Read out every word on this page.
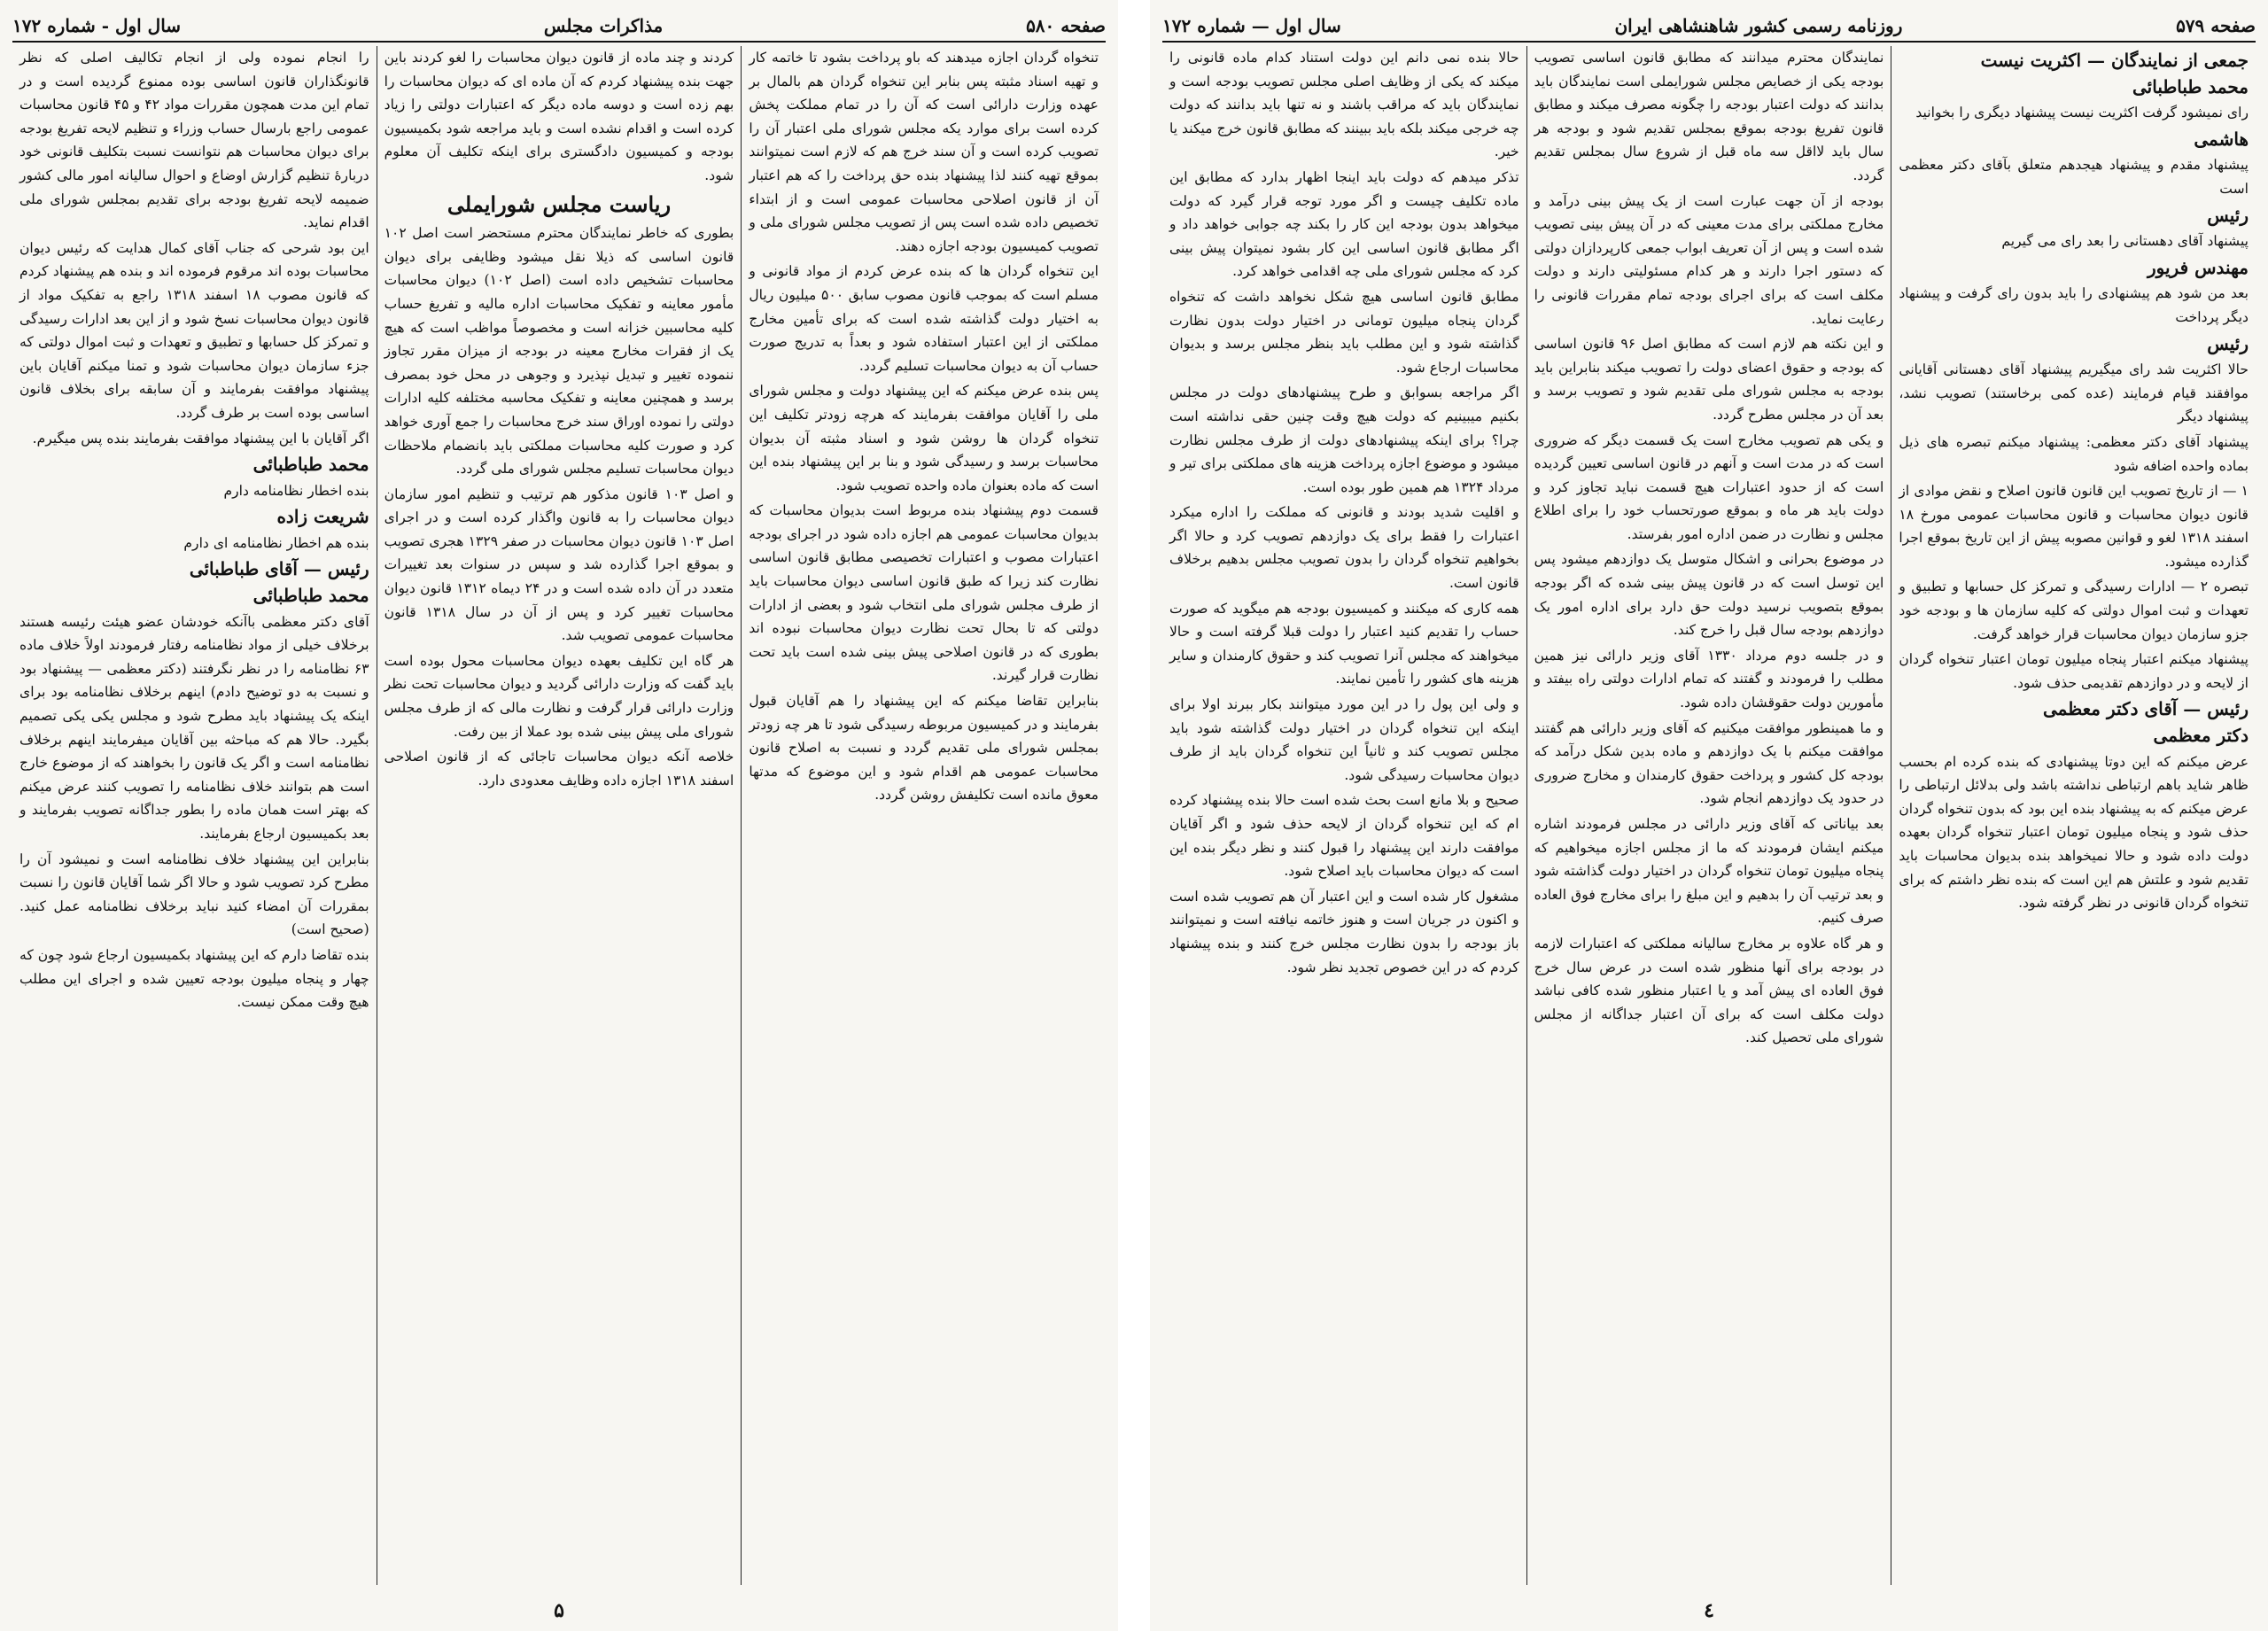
صفحه ۵۸۰
مذاکرات مجلس
سال اول - شماره ۱۷۲

تنخواه گردان اجازه میدهند که باو پرداخت بشود تا خاتمه کار و تهیه اسناد مثبته پس بنابر این تنخواه گردان هم بالمال بر عهده وزارت دارائی است که آن را در تمام مملکت پخش کرده است برای موارد یکه مجلس شورای ملی اعتبار آن را تصویب کرده است و آن سند خرج هم که لازم است نمیتوانند بموقع تهیه کنند لذا پیشنهاد بنده حق پرداخت را که هم اعتبار آن از قانون اصلاحی محاسبات عمومی است و از ابتداء تخصیص داده شده است پس از تصویب مجلس شورای ملی و تصویب کمیسیون بودجه اجازه دهند.

این تنخواه گردان ها که بنده عرض کردم از مواد قانونی و مسلم است که بموجب قانون مصوب سابق ۵۰۰ میلیون ریال به اختیار دولت گذاشته شده است که برای تأمین مخارج مملکتی از این اعتبار استفاده شود و بعداً به تدریج صورت حساب آن به دیوان محاسبات تسلیم گردد.

پس بنده عرض میکنم که این پیشنهاد دولت و مجلس شورای ملی را آقایان موافقت بفرمایند که هرچه زودتر تکلیف این تنخواه گردان ها روشن شود و اسناد مثبته آن بدیوان محاسبات برسد و رسیدگی شود و بنا بر این پیشنهاد بنده این است که ماده بعنوان ماده واحده تصویب شود.

قسمت دوم پیشنهاد بنده مربوط است بدیوان محاسبات که بدیوان محاسبات عمومی هم اجازه داده شود در اجرای بودجه اعتبارات مصوب و اعتبارات تخصیصی مطابق قانون اساسی نظارت کند زیرا که طبق قانون اساسی دیوان محاسبات باید از طرف مجلس شورای ملی انتخاب شود و بعضی از ادارات دولتی که تا بحال تحت نظارت دیوان محاسبات نبوده اند بطوری که در قانون اصلاحی پیش بینی شده است باید تحت نظارت قرار گیرند.

بنابراین تقاضا میکنم که این پیشنهاد را هم آقایان قبول بفرمایند و در کمیسیون مربوطه رسیدگی شود تا هر چه زودتر بمجلس شورای ملی تقدیم گردد و نسبت به اصلاح قانون محاسبات عمومی هم اقدام شود و این موضوع که مدتها معوق مانده است تکلیفش روشن گردد.

کردند و چند ماده از قانون دیوان محاسبات را لغو کردند باین جهت بنده پیشنهاد کردم که آن ماده ای که دیوان محاسبات را بهم زده است و دوسه ماده دیگر که اعتبارات دولتی را زیاد کرده است و اقدام نشده است و باید مراجعه شود بکمیسیون بودجه و کمیسیون دادگستری برای اینکه تکلیف آن معلوم شود.

ریاست مجلس شورایملی

بطوری که خاطر نمایندگان محترم مستحضر است اصل ۱۰۲ قانون اساسی که ذیلا نقل میشود وظایفی برای دیوان محاسبات تشخیص داده است (اصل ۱۰۲) دیوان محاسبات مأمور معاینه و تفکیک محاسبات اداره مالیه و تفریغ حساب کلیه محاسبین خزانه است و مخصوصاً مواظب است که هیچ یک از فقرات مخارج معینه در بودجه از میزان مقرر تجاوز ننموده تغییر و تبدیل نپذیرد و وجوهی در محل خود بمصرف برسد و همچنین معاینه و تفکیک محاسبه مختلفه کلیه ادارات دولتی را نموده اوراق سند خرج محاسبات را جمع آوری خواهد کرد و صورت کلیه محاسبات مملکتی باید بانضمام ملاحظات دیوان محاسبات تسلیم مجلس شورای ملی گردد.

و اصل ۱۰۳ قانون مذکور هم ترتیب و تنظیم امور سازمان دیوان محاسبات را به قانون واگذار کرده است و در اجرای اصل ۱۰۳ قانون دیوان محاسبات در صفر ۱۳۲۹ هجری تصویب و بموقع اجرا گذارده شد و سپس در سنوات بعد تغییرات متعدد در آن داده شده است و در ۲۴ دیماه ۱۳۱۲ قانون دیوان محاسبات تغییر کرد و پس از آن در سال ۱۳۱۸ قانون محاسبات عمومی تصویب شد.

هر گاه این تکلیف بعهده دیوان محاسبات محول بوده است باید گفت که وزارت دارائی گردید و دیوان محاسبات تحت نظر وزارت دارائی قرار گرفت و نظارت مالی که از طرف مجلس شورای ملی پیش بینی شده بود عملا از بین رفت.

خلاصه آنکه دیوان محاسبات تاجائی که از قانون اصلاحی اسفند ۱۳۱۸ اجازه داده وظایف معدودی دارد.

را انجام نموده ولی از انجام تکالیف اصلی که نظر قانونگذاران قانون اساسی بوده ممنوع گردیده است و در تمام این مدت همچون مقررات مواد ۴۲ و ۴۵ قانون محاسبات عمومی راجع بارسال حساب وزراء و تنظیم لایحه تفریغ بودجه برای دیوان محاسبات هم نتوانست نسبت بتکلیف قانونی خود دربارهٔ تنظیم گزارش اوضاع و احوال سالیانه امور مالی کشور ضمیمه لایحه تفریغ بودجه برای تقدیم بمجلس شورای ملی اقدام نماید.

این بود شرحی که جناب آقای کمال هدایت که رئیس دیوان محاسبات بوده اند مرقوم فرموده اند و بنده هم پیشنهاد کردم که قانون مصوب ۱۸ اسفند ۱۳۱۸ راجع به تفکیک مواد از قانون دیوان محاسبات نسخ شود و از این بعد ادارات رسیدگی و تمرکز کل حسابها و تطبیق و تعهدات و ثبت اموال دولتی که جزء سازمان دیوان محاسبات شود و تمنا میکنم آقایان باین پیشنهاد موافقت بفرمایند و آن سابقه برای بخلاف قانون اساسی بوده است بر طرف گردد.

اگر آقایان با این پیشنهاد موافقت بفرمایند بنده پس میگیرم.

محمد طباطبائی

بنده اخطار نظامنامه دارم

شریعت زاده

بنده هم اخطار نظامنامه ای دارم

رئیس — آقای طباطبائی
محمد طباطبائی

آقای دکتر معظمی باآنکه خودشان عضو هیئت رئیسه هستند برخلاف خیلی از مواد نظامنامه رفتار فرمودند اولاً خلاف ماده ۶۳ نظامنامه را در نظر نگرفتند (دکتر معظمی — پیشنهاد بود و نسبت به دو توضیح دادم) اینهم برخلاف نظامنامه بود برای اینکه یک پیشنهاد باید مطرح شود و مجلس یکی یکی تصمیم بگیرد. حالا هم که مباحثه بین آقایان میفرمایند اینهم برخلاف نظامنامه است و اگر یک قانون را بخواهند که از موضوع خارج است هم بتوانند خلاف نظامنامه را تصویب کنند عرض میکنم که بهتر است همان ماده را بطور جداگانه تصویب بفرمایند و بعد بکمیسیون ارجاع بفرمایند.

بنابراین این پیشنهاد خلاف نظامنامه است و نمیشود آن را مطرح کرد تصویب شود و حالا اگر شما آقایان قانون را نسبت بمقررات آن امضاء کنید نباید برخلاف نظامنامه عمل کنید. (صحیح است)

بنده تقاضا دارم که این پیشنهاد بکمیسیون ارجاع شود چون که چهار و پنجاه میلیون بودجه تعیین شده و اجرای این مطلب هیچ وقت ممکن نیست.

۵
صفحه ۵۷۹
روزنامه رسمی کشور شاهنشاهی ایران
سال اول — شماره ۱۷۲
جمعی از نمایندگان — اکثریت نیست
محمد طباطبائی

رای نمیشود گرفت اکثریت نیست پیشنهاد دیگری را بخوانید

هاشمی

پیشنهاد مقدم و پیشنهاد هیجدهم متعلق بآقای دکتر معظمی است

رئیس

پیشنهاد آقای دهستانی را بعد رای می گیریم

مهندس فریور

بعد من شود هم پیشنهادی را باید بدون رای گرفت و پیشنهاد دیگر پرداخت

رئیس

حالا اکثریت شد رای میگیریم پیشنهاد آقای دهستانی آقایانی موافقند قیام فرمایند (عده کمی برخاستند) تصویب نشد، پیشنهاد دیگر

پیشنهاد آقای دکتر معظمی: پیشنهاد میکنم تبصره های ذیل بماده واحده اضافه شود

۱ — از تاریخ تصویب این قانون قانون اصلاح و نقض موادی از قانون دیوان محاسبات و قانون محاسبات عمومی مورخ ۱۸ اسفند ۱۳۱۸ لغو و قوانین مصوبه پیش از این تاریخ بموقع اجرا گذارده میشود.

تبصره ۲ — ادارات رسیدگی و تمرکز کل حسابها و تطبیق و تعهدات و ثبت اموال دولتی که کلیه سازمان ها و بودجه خود جزو سازمان دیوان محاسبات قرار خواهد گرفت.

پیشنهاد میکنم اعتبار پنجاه میلیون تومان اعتبار تنخواه گردان از لایحه و در دوازدهم تقدیمی حذف شود.

رئیس — آقای دکتر معظمی
دکتر معظمی

عرض میکنم که این دوتا پیشنهادی که بنده کرده ام بحسب ظاهر شاید باهم ارتباطی نداشته باشد ولی بدلائل ارتباطی را عرض میکنم که به پیشنهاد بنده این بود که بدون تنخواه گردان حذف شود و پنجاه میلیون تومان اعتبار تنخواه گردان بعهده دولت داده شود و حالا نمیخواهد بنده بدیوان محاسبات باید تقدیم شود و علتش هم این است که بنده نظر داشتم که برای تنخواه گردان قانونی در نظر گرفته شود.

نمایندگان محترم میدانند که مطابق قانون اساسی تصویب بودجه یکی از خصایص مجلس شورایملی است نمایندگان باید بدانند که دولت اعتبار بودجه را چگونه مصرف میکند و مطابق قانون تفریغ بودجه بموقع بمجلس تقدیم شود و بودجه هر سال باید لااقل سه ماه قبل از شروع سال بمجلس تقدیم گردد.

بودجه از آن جهت عبارت است از یک پیش بینی درآمد و مخارج مملکتی برای مدت معینی که در آن پیش بینی تصویب شده است و پس از آن تعریف ابواب جمعی کارپردازان دولتی که دستور اجرا دارند و هر کدام مسئولیتی دارند و دولت مکلف است که برای اجرای بودجه تمام مقررات قانونی را رعایت نماید.

و این نکته هم لازم است که مطابق اصل ۹۶ قانون اساسی که بودجه و حقوق اعضای دولت را تصویب میکند بنابراین باید بودجه به مجلس شورای ملی تقدیم شود و تصویب برسد و بعد آن در مجلس مطرح گردد.

و یکی هم تصویب مخارج است یک قسمت دیگر که ضروری است که در مدت است و آنهم در قانون اساسی تعیین گردیده است که از حدود اعتبارات هیچ قسمت نباید تجاوز کرد و دولت باید هر ماه و بموقع صورتحساب خود را برای اطلاع مجلس و نظارت در ضمن اداره امور بفرستد.

در موضوع بحرانی و اشکال متوسل یک دوازدهم میشود پس این توسل است که در قانون پیش بینی شده که اگر بودجه بموقع بتصویب نرسید دولت حق دارد برای اداره امور یک دوازدهم بودجه سال قبل را خرج کند.

و در جلسه دوم مرداد ۱۳۳۰ آقای وزیر دارائی نیز همین مطلب را فرمودند و گفتند که تمام ادارات دولتی راه بیفتد و مأمورین دولت حقوقشان داده شود.

و ما همینطور موافقت میکنیم که آقای وزیر دارائی هم گفتند موافقت میکنم با یک دوازدهم و ماده بدین شکل درآمد که بودجه کل کشور و پرداخت حقوق کارمندان و مخارج ضروری در حدود یک دوازدهم انجام شود.

بعد بیاناتی که آقای وزیر دارائی در مجلس فرمودند اشاره میکنم ایشان فرمودند که ما از مجلس اجازه میخواهیم که پنجاه میلیون تومان تنخواه گردان در اختیار دولت گذاشته شود و بعد ترتیب آن را بدهیم و این مبلغ را برای مخارج فوق العاده صرف کنیم.

و هر گاه علاوه بر مخارج سالیانه مملکتی که اعتبارات لازمه در بودجه برای آنها منظور شده است در عرض سال خرج فوق العاده ای پیش آمد و یا اعتبار منظور شده کافی نباشد دولت مکلف است که برای آن اعتبار جداگانه از مجلس شورای ملی تحصیل کند.

حالا بنده نمی دانم این دولت استناد کدام ماده قانونی را میکند که یکی از وظایف اصلی مجلس تصویب بودجه است و نمایندگان باید که مراقب باشند و نه تنها باید بدانند که دولت چه خرجی میکند بلکه باید ببینند که مطابق قانون خرج میکند یا خیر.

تذکر میدهم که دولت باید اینجا اظهار بدارد که مطابق این ماده تکلیف چیست و اگر مورد توجه قرار گیرد که دولت میخواهد بدون بودجه این کار را بکند چه جوابی خواهد داد و اگر مطابق قانون اساسی این کار بشود نمیتوان پیش بینی کرد که مجلس شورای ملی چه اقدامی خواهد کرد.

مطابق قانون اساسی هیچ شکل نخواهد داشت که تنخواه گردان پنجاه میلیون تومانی در اختیار دولت بدون نظارت گذاشته شود و این مطلب باید بنظر مجلس برسد و بدیوان محاسبات ارجاع شود.

اگر مراجعه بسوابق و طرح پیشنهادهای دولت در مجلس بکنیم میبینیم که دولت هیچ وقت چنین حقی نداشته است چرا؟ برای اینکه پیشنهادهای دولت از طرف مجلس نظارت میشود و موضوع اجازه پرداخت هزینه های مملکتی برای تیر و مرداد ۱۳۲۴ هم همین طور بوده است.

و اقلیت شدید بودند و قانونی که مملکت را اداره میکرد اعتبارات را فقط برای یک دوازدهم تصویب کرد و حالا اگر بخواهیم تنخواه گردان را بدون تصویب مجلس بدهیم برخلاف قانون است.

همه کاری که میکنند و کمیسیون بودجه هم میگوید که صورت حساب را تقدیم کنید اعتبار را دولت قبلا گرفته است و حالا میخواهند که مجلس آنرا تصویب کند و حقوق کارمندان و سایر هزینه های کشور را تأمین نمایند.

و ولی این پول را در این مورد میتوانند بکار ببرند اولا برای اینکه این تنخواه گردان در اختیار دولت گذاشته شود باید مجلس تصویب کند و ثانیاً این تنخواه گردان باید از طرف دیوان محاسبات رسیدگی شود.

صحیح و بلا مانع است بحث شده است حالا بنده پیشنهاد کرده ام که این تنخواه گردان از لایحه حذف شود و اگر آقایان موافقت دارند این پیشنهاد را قبول کنند و نظر دیگر بنده این است که دیوان محاسبات باید اصلاح شود.

مشغول کار شده است و این اعتبار آن هم تصویب شده است و اکنون در جریان است و هنوز خاتمه نیافته است و نمیتوانند باز بودجه را بدون نظارت مجلس خرج کنند و بنده پیشنهاد کردم که در این خصوص تجدید نظر شود.

٤
